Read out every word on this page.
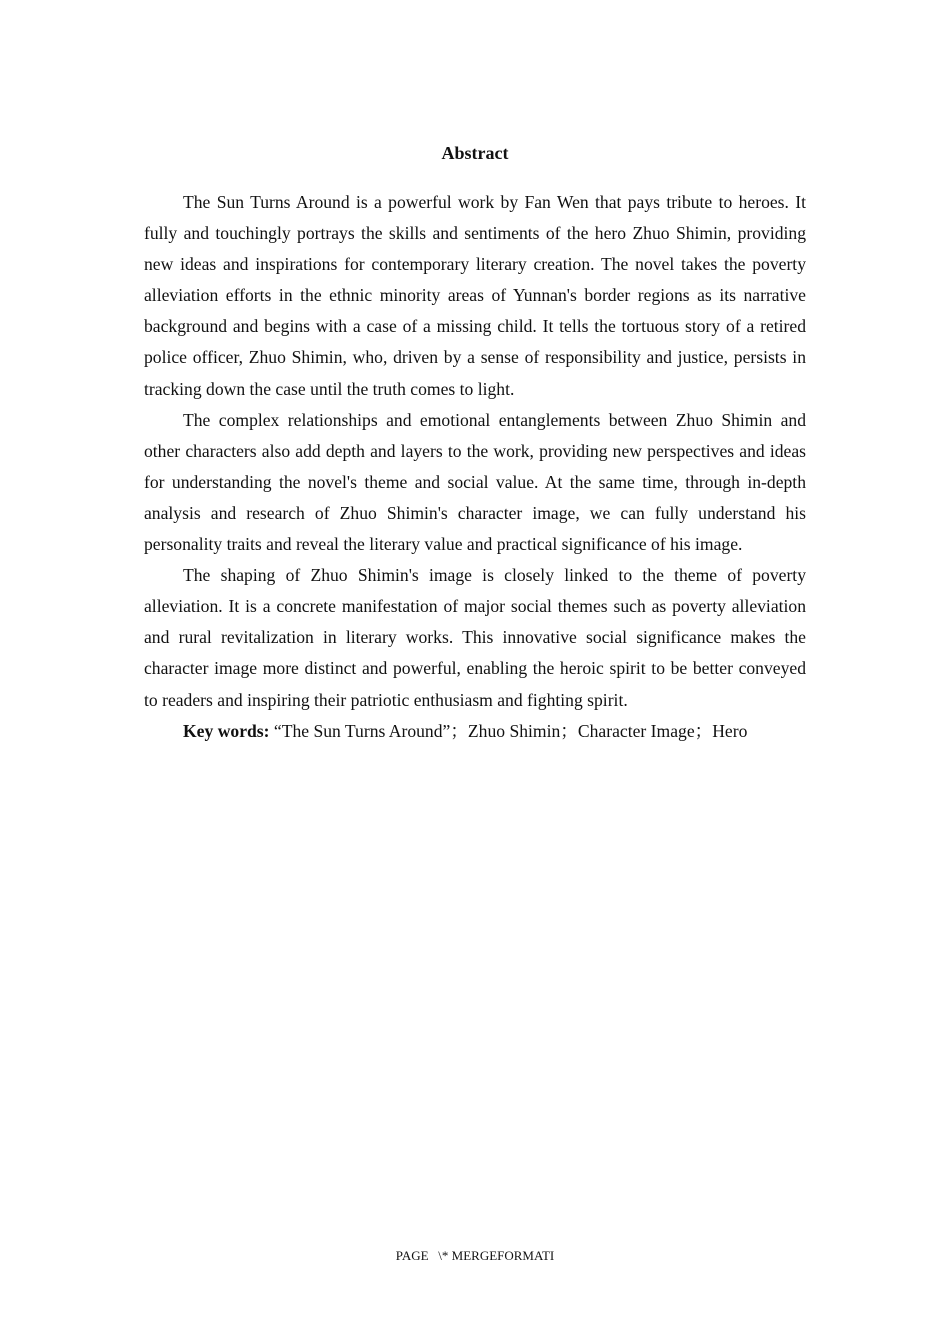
Abstract

The Sun Turns Around is a powerful work by Fan Wen that pays tribute to heroes. It fully and touchingly portrays the skills and sentiments of the hero Zhuo Shimin, providing new ideas and inspirations for contemporary literary creation. The novel takes the poverty alleviation efforts in the ethnic minority areas of Yunnan's border regions as its narrative background and begins with a case of a missing child. It tells the tortuous story of a retired police officer, Zhuo Shimin, who, driven by a sense of responsibility and justice, persists in tracking down the case until the truth comes to light.

The complex relationships and emotional entanglements between Zhuo Shimin and other characters also add depth and layers to the work, providing new perspectives and ideas for understanding the novel's theme and social value. At the same time, through in-depth analysis and research of Zhuo Shimin's character image, we can fully understand his personality traits and reveal the literary value and practical significance of his image.

The shaping of Zhuo Shimin's image is closely linked to the theme of poverty alleviation. It is a concrete manifestation of major social themes such as poverty alleviation and rural revitalization in literary works. This innovative social significance makes the character image more distinct and powerful, enabling the heroic spirit to be better conveyed to readers and inspiring their patriotic enthusiasm and fighting spirit.

Key words: “The Sun Turns Around”；Zhuo Shimin；Character Image；Hero

PAGE   \* MERGEFORMATI
